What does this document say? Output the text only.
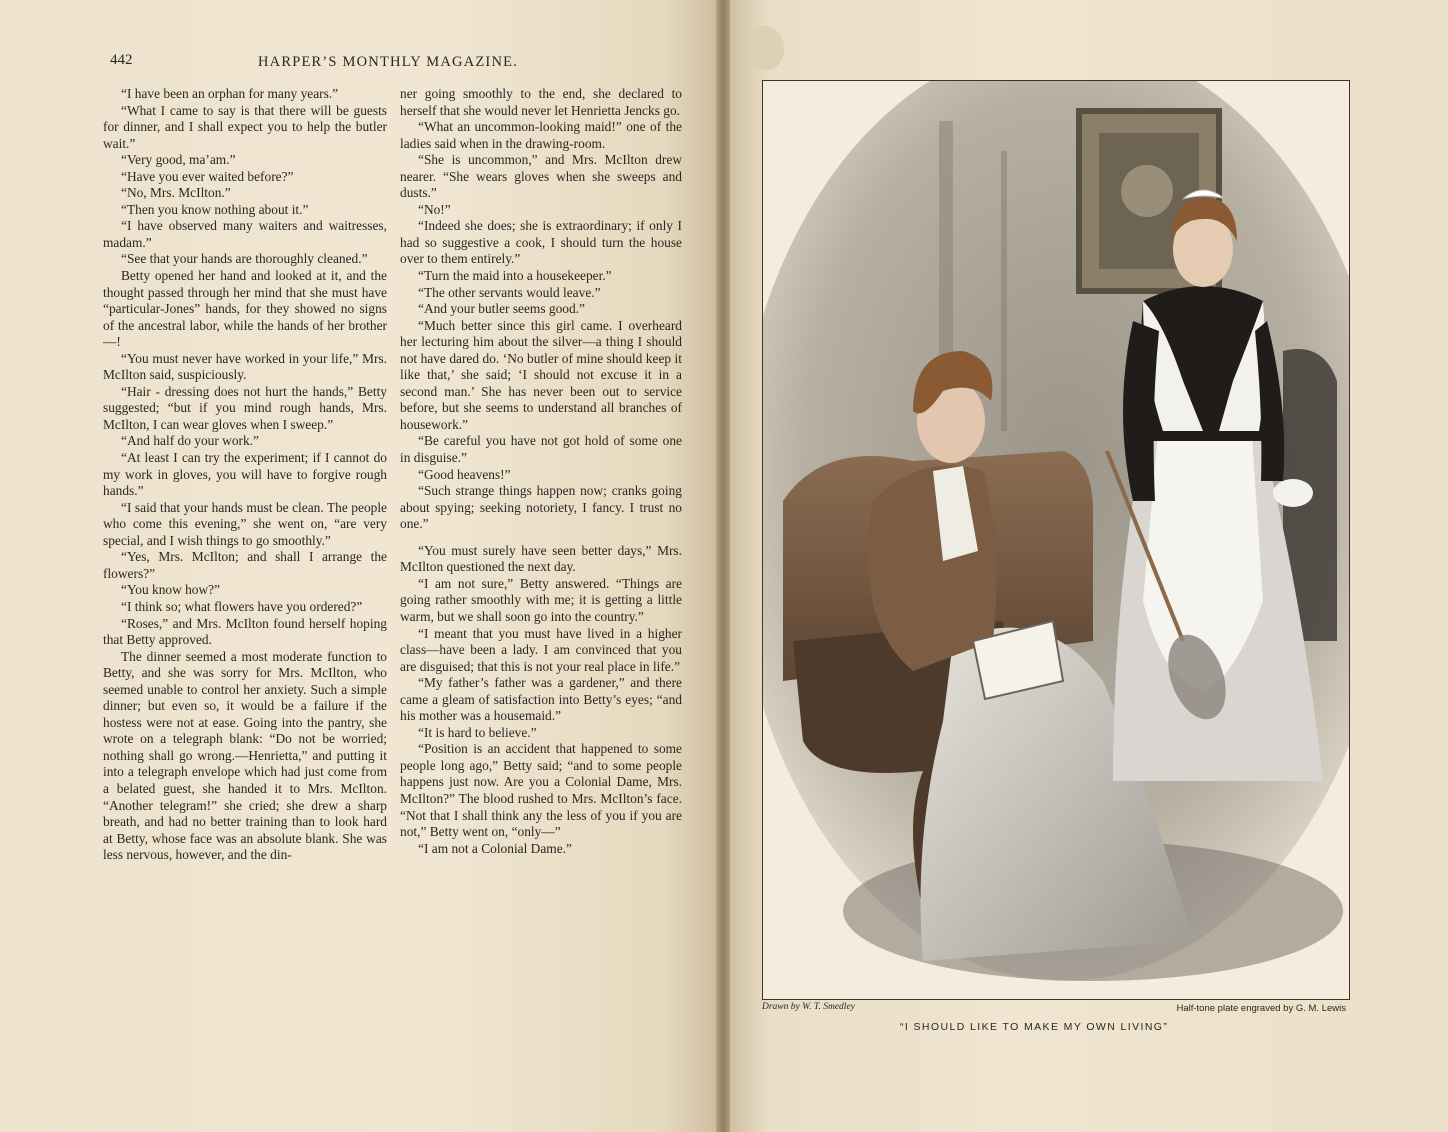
442	HARPER’S MONTHLY MAGAZINE.

“I have been an orphan for many years.”

“What I came to say is that there will be guests for dinner, and I shall expect you to help the butler wait.”

“Very good, ma’am.”

“Have you ever waited before?”

“No, Mrs. McIlton.”

“Then you know nothing about it.”

“I have observed many waiters and waitresses, madam.”

“See that your hands are thoroughly cleaned.”

Betty opened her hand and looked at it, and the thought passed through her mind that she must have “particular-Jones” hands, for they showed no signs of the ancestral labor, while the hands of her brother—!

“You must never have worked in your life,” Mrs. McIlton said, suspiciously.

“Hair - dressing does not hurt the hands,” Betty suggested; “but if you mind rough hands, Mrs. McIlton, I can wear gloves when I sweep.”

“And half do your work.”

“At least I can try the experiment; if I cannot do my work in gloves, you will have to forgive rough hands.”

“I said that your hands must be clean. The people who come this evening,” she went on, “are very special, and I wish things to go smoothly.”

“Yes, Mrs. McIlton; and shall I arrange the flowers?”

“You know how?”

“I think so; what flowers have you ordered?”

“Roses,” and Mrs. McIlton found herself hoping that Betty approved.

The dinner seemed a most moderate function to Betty, and she was sorry for Mrs. McIlton, who seemed unable to control her anxiety. Such a simple dinner; but even so, it would be a failure if the hostess were not at ease. Going into the pantry, she wrote on a telegraph blank: “Do not be worried; nothing shall go wrong.—Henrietta,” and putting it into a telegraph envelope which had just come from a belated guest, she handed it to Mrs. McIlton. “Another telegram!” she cried; she drew a sharp breath, and had no better training than to look hard at Betty, whose face was an absolute blank. She was less nervous, however, and the din-

ner going smoothly to the end, she declared to herself that she would never let Henrietta Jencks go.

“What an uncommon-looking maid!” one of the ladies said when in the drawing-room.

“She is uncommon,” and Mrs. McIlton drew nearer. “She wears gloves when she sweeps and dusts.”

“No!”

“Indeed she does; she is extraordinary; if only I had so suggestive a cook, I should turn the house over to them entirely.”

“Turn the maid into a housekeeper.”

“The other servants would leave.”

“And your butler seems good.”

“Much better since this girl came. I overheard her lecturing him about the silver—a thing I should not have dared do. ‘No butler of mine should keep it like that,’ she said; ‘I should not excuse it in a second man.’ She has never been out to service before, but she seems to understand all branches of housework.”

“Be careful you have not got hold of some one in disguise.”

“Good heavens!”

“Such strange things happen now; cranks going about spying; seeking notoriety, I fancy. I trust no one.”

“You must surely have seen better days,” Mrs. McIlton questioned the next day.

“I am not sure,” Betty answered. “Things are going rather smoothly with me; it is getting a little warm, but we shall soon go into the country.”

“I meant that you must have lived in a higher class—have been a lady. I am convinced that you are disguised; that this is not your real place in life.”

“My father’s father was a gardener,” and there came a gleam of satisfaction into Betty’s eyes; “and his mother was a housemaid.”

“It is hard to believe.”

“Position is an accident that happened to some people long ago,” Betty said; “and to some people happens just now. Are you a Colonial Dame, Mrs. McIlton?” The blood rushed to Mrs. McIlton’s face. “Not that I shall think any the less of you if you are not,” Betty went on, “only—”

“I am not a Colonial Dame.”

Drawn by W. T. Smedley	Half-tone plate engraved by G. M. Lewis
“I SHOULD LIKE TO MAKE MY OWN LIVING”
